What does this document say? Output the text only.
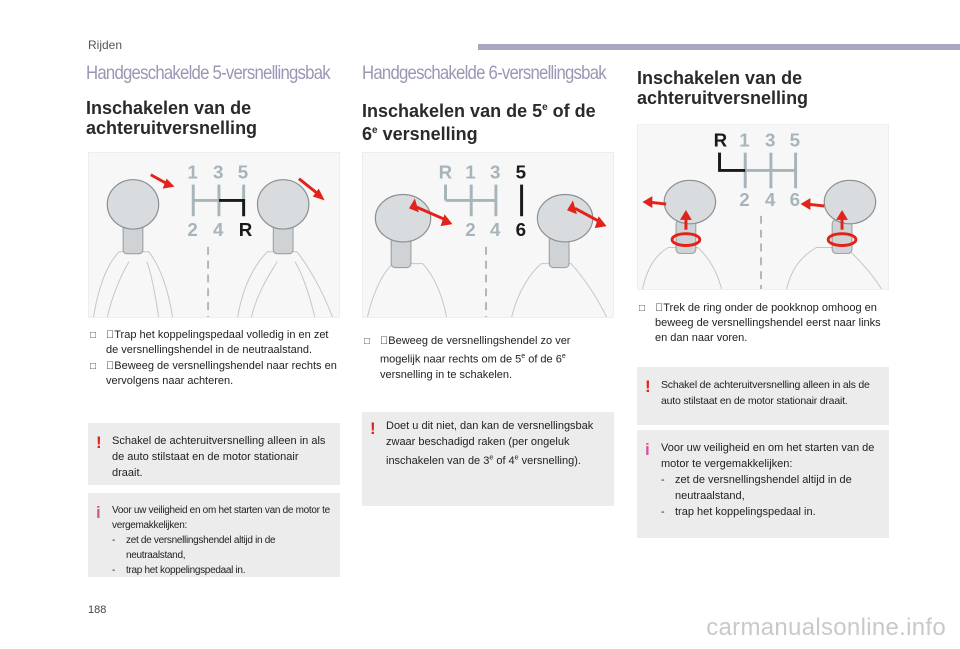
Rijden
Handgeschakelde 5-versnellingsbak
Inschakelen van de achteruitversnelling
1 3 5
2 4 R
□ Trap het koppelingspedaal volledig in en zet de versnellingshendel in de neutraalstand.
□ Beweeg de versnellingshendel naar rechts en vervolgens naar achteren.
! Schakel de achteruitversnelling alleen in als de auto stilstaat en de motor stationair draait.
i Voor uw veiligheid en om het starten van de motor te vergemakkelijken:
- zet de versnellingshendel altijd in de neutraalstand,
- trap het koppelingspedaal in.
Handgeschakelde 6-versnellingsbak
Inschakelen van de 5e of de 6e versnelling
R 1 3 5
2 4 6
□ Beweeg de versnellingshendel zo ver mogelijk naar rechts om de 5e of de 6e versnelling in te schakelen.
! Doet u dit niet, dan kan de versnellingsbak zwaar beschadigd raken (per ongeluk inschakelen van de 3e of 4e versnelling).
Inschakelen van de achteruitversnelling
R 1 3 5
2 4 6
□ Trek de ring onder de pookknop omhoog en beweeg de versnellingshendel eerst naar links en dan naar voren.
! Schakel de achteruitversnelling alleen in als de auto stilstaat en de motor stationair draait.
i Voor uw veiligheid en om het starten van de motor te vergemakkelijken:
- zet de versnellingshendel altijd in de neutraalstand,
- trap het koppelingspedaal in.
188
carmanualsonline.info
